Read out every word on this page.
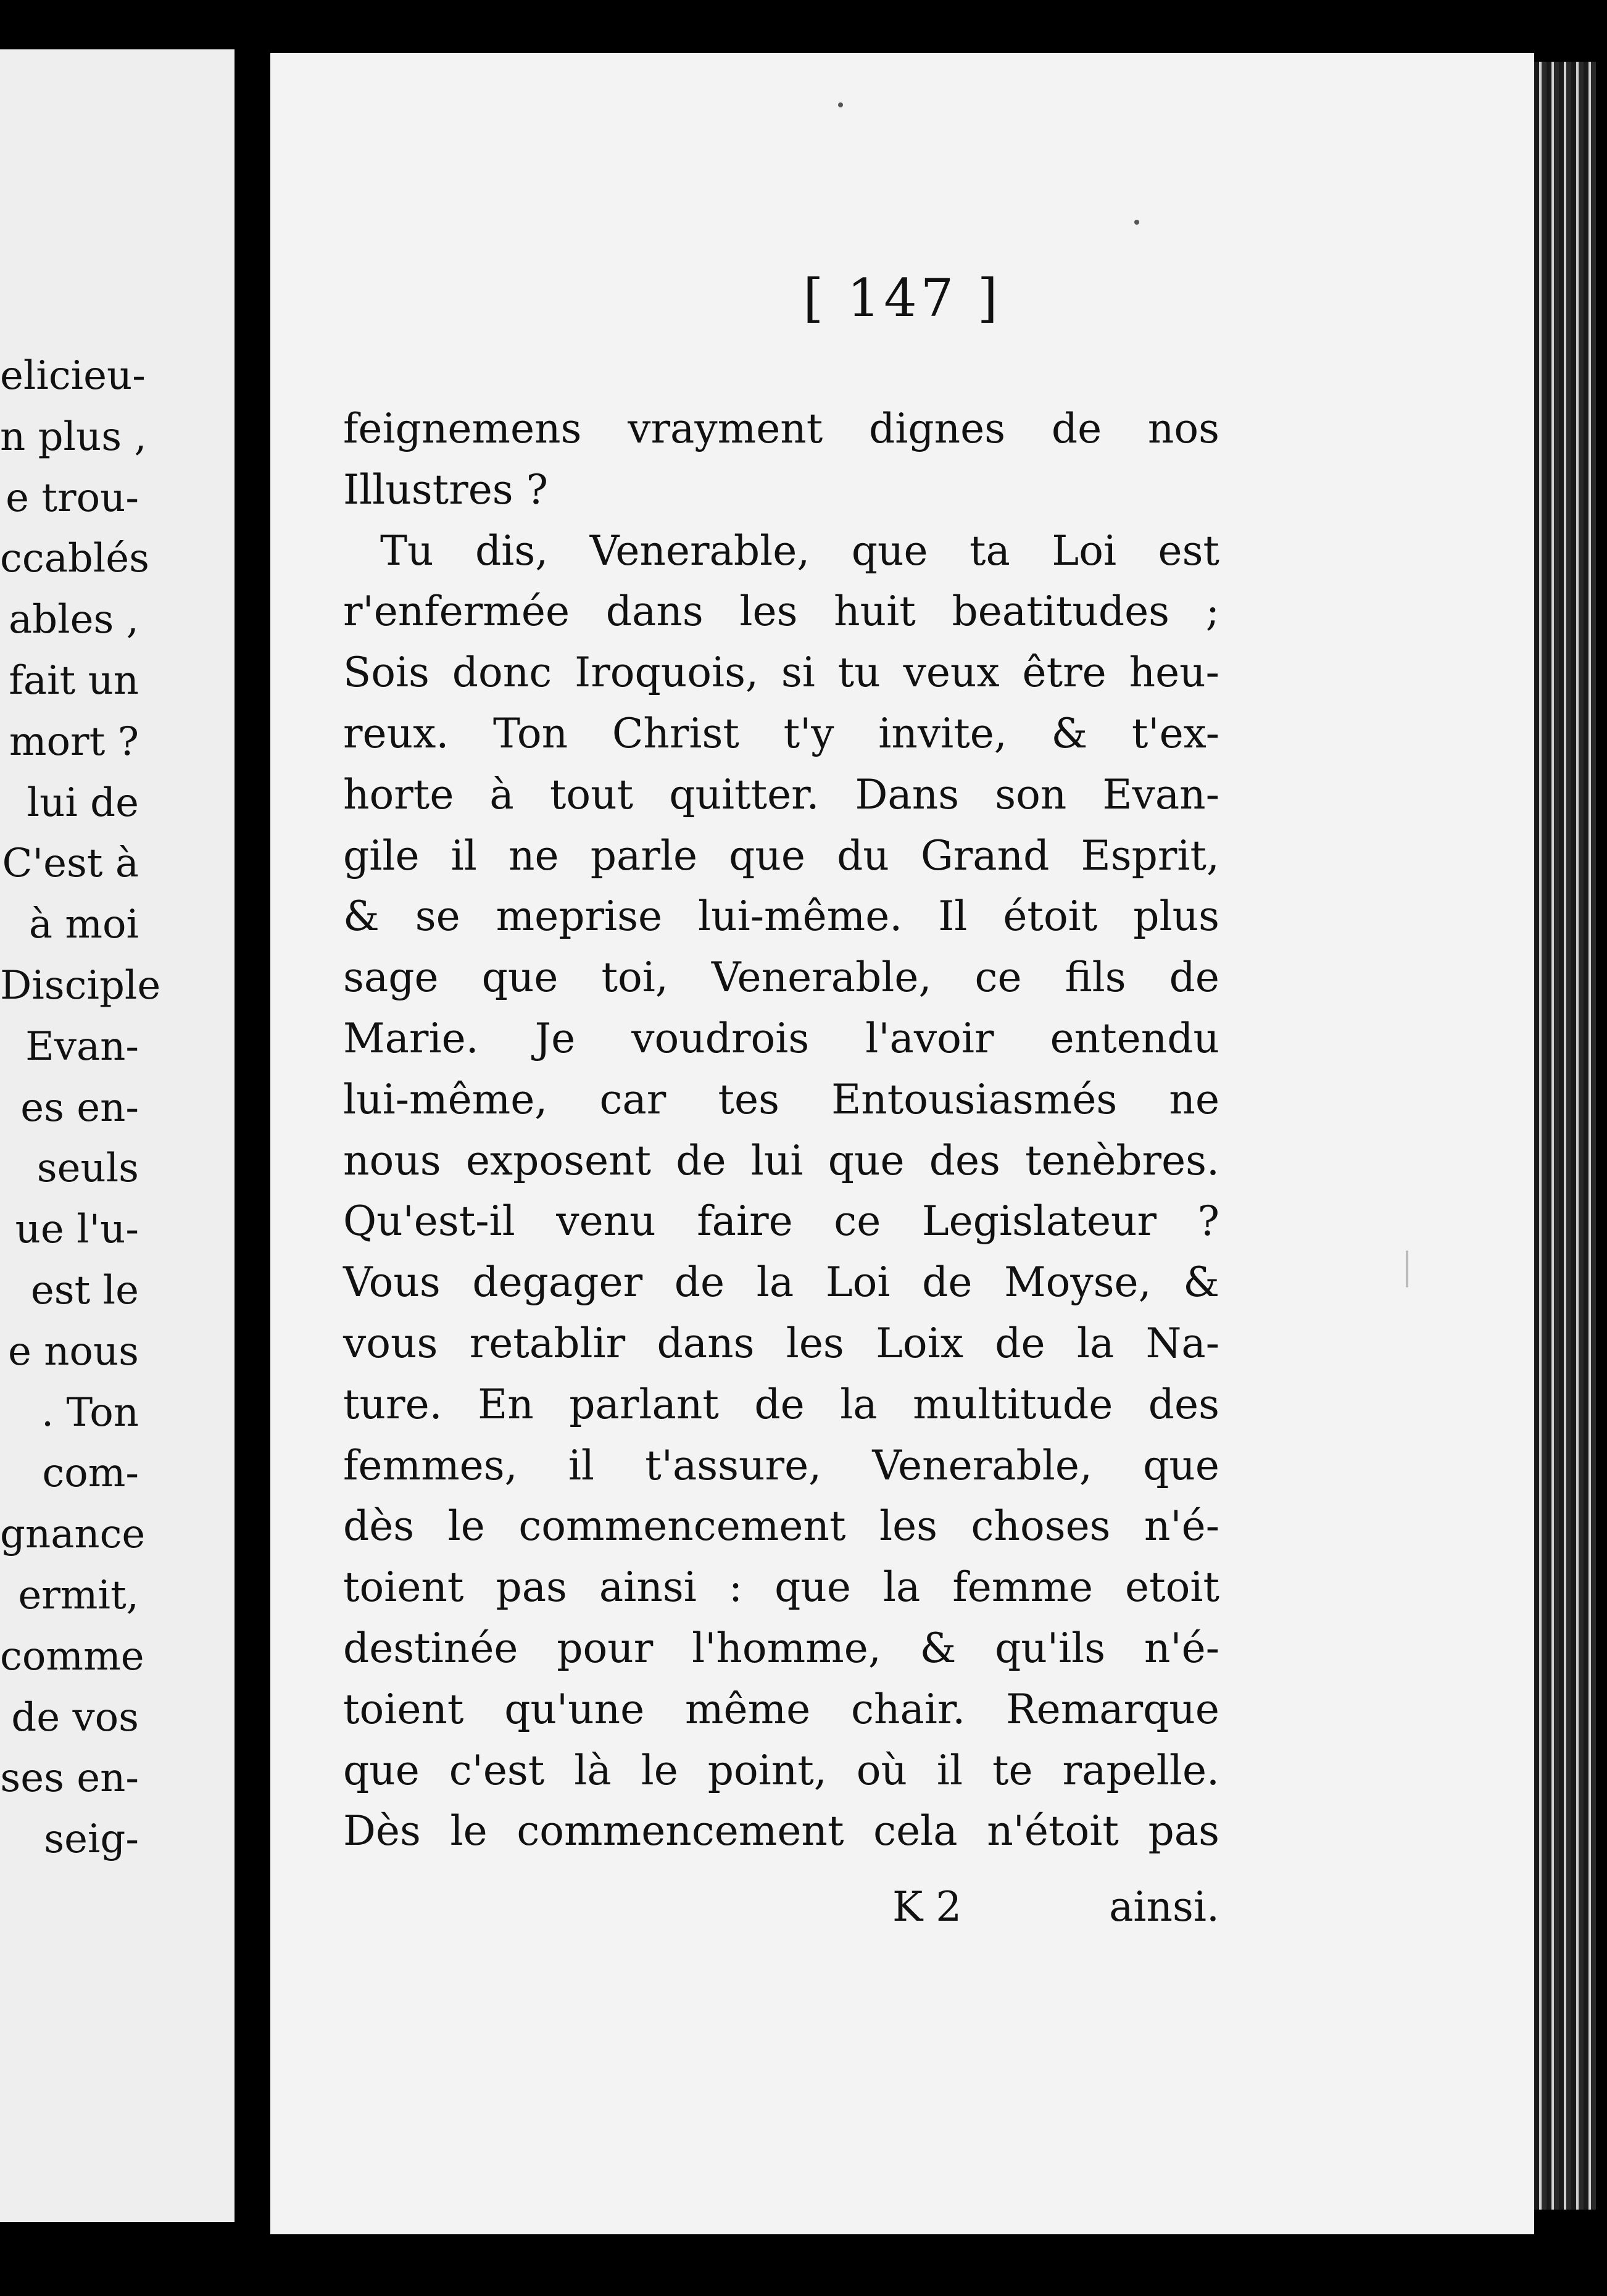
elicieu-
n plus ,
e trou-
ccablés
ables ,
fait un
mort ?
lui de
C'est à
à moi
Disciple
Evan-
es en-
seuls
ue l'u-
est le
e nous
. Ton
com-
gnance
ermit,
comme
de vos
ses en-
seig-
[ 147 ]
feignemens vrayment dignes de nos
Illustres ?
Tu dis, Venerable, que ta Loi est
r'enfermée dans les huit beatitudes ;
Sois donc Iroquois, si tu veux être heu-
reux. Ton Christ t'y invite, & t'ex-
horte à tout quitter. Dans son Evan-
gile il ne parle que du Grand Esprit,
& se meprise lui-même. Il étoit plus
sage que toi, Venerable, ce fils de
Marie. Je voudrois l'avoir entendu
lui-même, car tes Entousiasmés ne
nous exposent de lui que des tenèbres.
Qu'est-il venu faire ce Legislateur ?
Vous degager de la Loi de Moyse, &
vous retablir dans les Loix de la Na-
ture. En parlant de la multitude des
femmes, il t'assure, Venerable, que
dès le commencement les choses n'é-
toient pas ainsi : que la femme etoit
destinée pour l'homme, & qu'ils n'é-
toient qu'une même chair. Remarque
que c'est là le point, où il te rapelle.
Dès le commencement cela n'étoit pas
K 2	ainsi.
